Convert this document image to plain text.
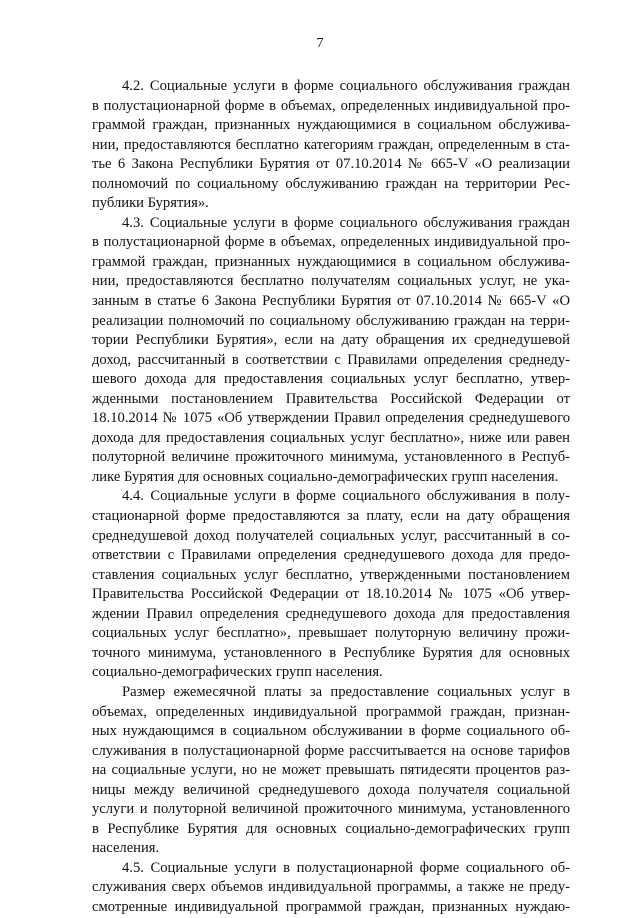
7
4.2. Социальные услуги в форме социального обслуживания граждан
в полустационарной форме в объемах, определенных индивидуальной про-
граммой граждан, признанных нуждающимися в социальном обслужива-
нии, предоставляются бесплатно категориям граждан, определенным в ста-
тье 6 Закона Республики Бурятия от 07.10.2014 № 665-V «О реализации
полномочий по социальному обслуживанию граждан на территории Рес-
публики Бурятия».
4.3. Социальные услуги в форме социального обслуживания граждан
в полустационарной форме в объемах, определенных индивидуальной про-
граммой граждан, признанных нуждающимися в социальном обслужива-
нии, предоставляются бесплатно получателям социальных услуг, не ука-
занным в статье 6 Закона Республики Бурятия от 07.10.2014 № 665-V «О
реализации полномочий по социальному обслуживанию граждан на терри-
тории Республики Бурятия», если на дату обращения их среднедушевой
доход, рассчитанный в соответствии с Правилами определения среднеду-
шевого дохода для предоставления социальных услуг бесплатно, утвер-
жденными постановлением Правительства Российской Федерации от
18.10.2014 № 1075 «Об утверждении Правил определения среднедушевого
дохода для предоставления социальных услуг бесплатно», ниже или равен
полуторной величине прожиточного минимума, установленного в Респуб-
лике Бурятия для основных социально-демографических групп населения.
4.4. Социальные услуги в форме социального обслуживания в полу-
стационарной форме предоставляются за плату, если на дату обращения
среднедушевой доход получателей социальных услуг, рассчитанный в со-
ответствии с Правилами определения среднедушевого дохода для предо-
ставления социальных услуг бесплатно, утвержденными постановлением
Правительства Российской Федерации от 18.10.2014 № 1075 «Об утвер-
ждении Правил определения среднедушевого дохода для предоставления
социальных услуг бесплатно», превышает полуторную величину прожи-
точного минимума, установленного в Республике Бурятия для основных
социально-демографических групп населения.
Размер ежемесячной платы за предоставление социальных услуг в
объемах, определенных индивидуальной программой граждан, признан-
ных нуждающимся в социальном обслуживании в форме социального об-
служивания в полустационарной форме рассчитывается на основе тарифов
на социальные услуги, но не может превышать пятидесяти процентов раз-
ницы между величиной среднедушевого дохода получателя социальной
услуги и полуторной величиной прожиточного минимума, установленного
в Республике Бурятия для основных социально-демографических групп
населения.
4.5. Социальные услуги в полустационарной форме социального об-
служивания сверх объемов индивидуальной программы, а также не преду-
смотренные индивидуальной программой граждан, признанных нуждаю-
